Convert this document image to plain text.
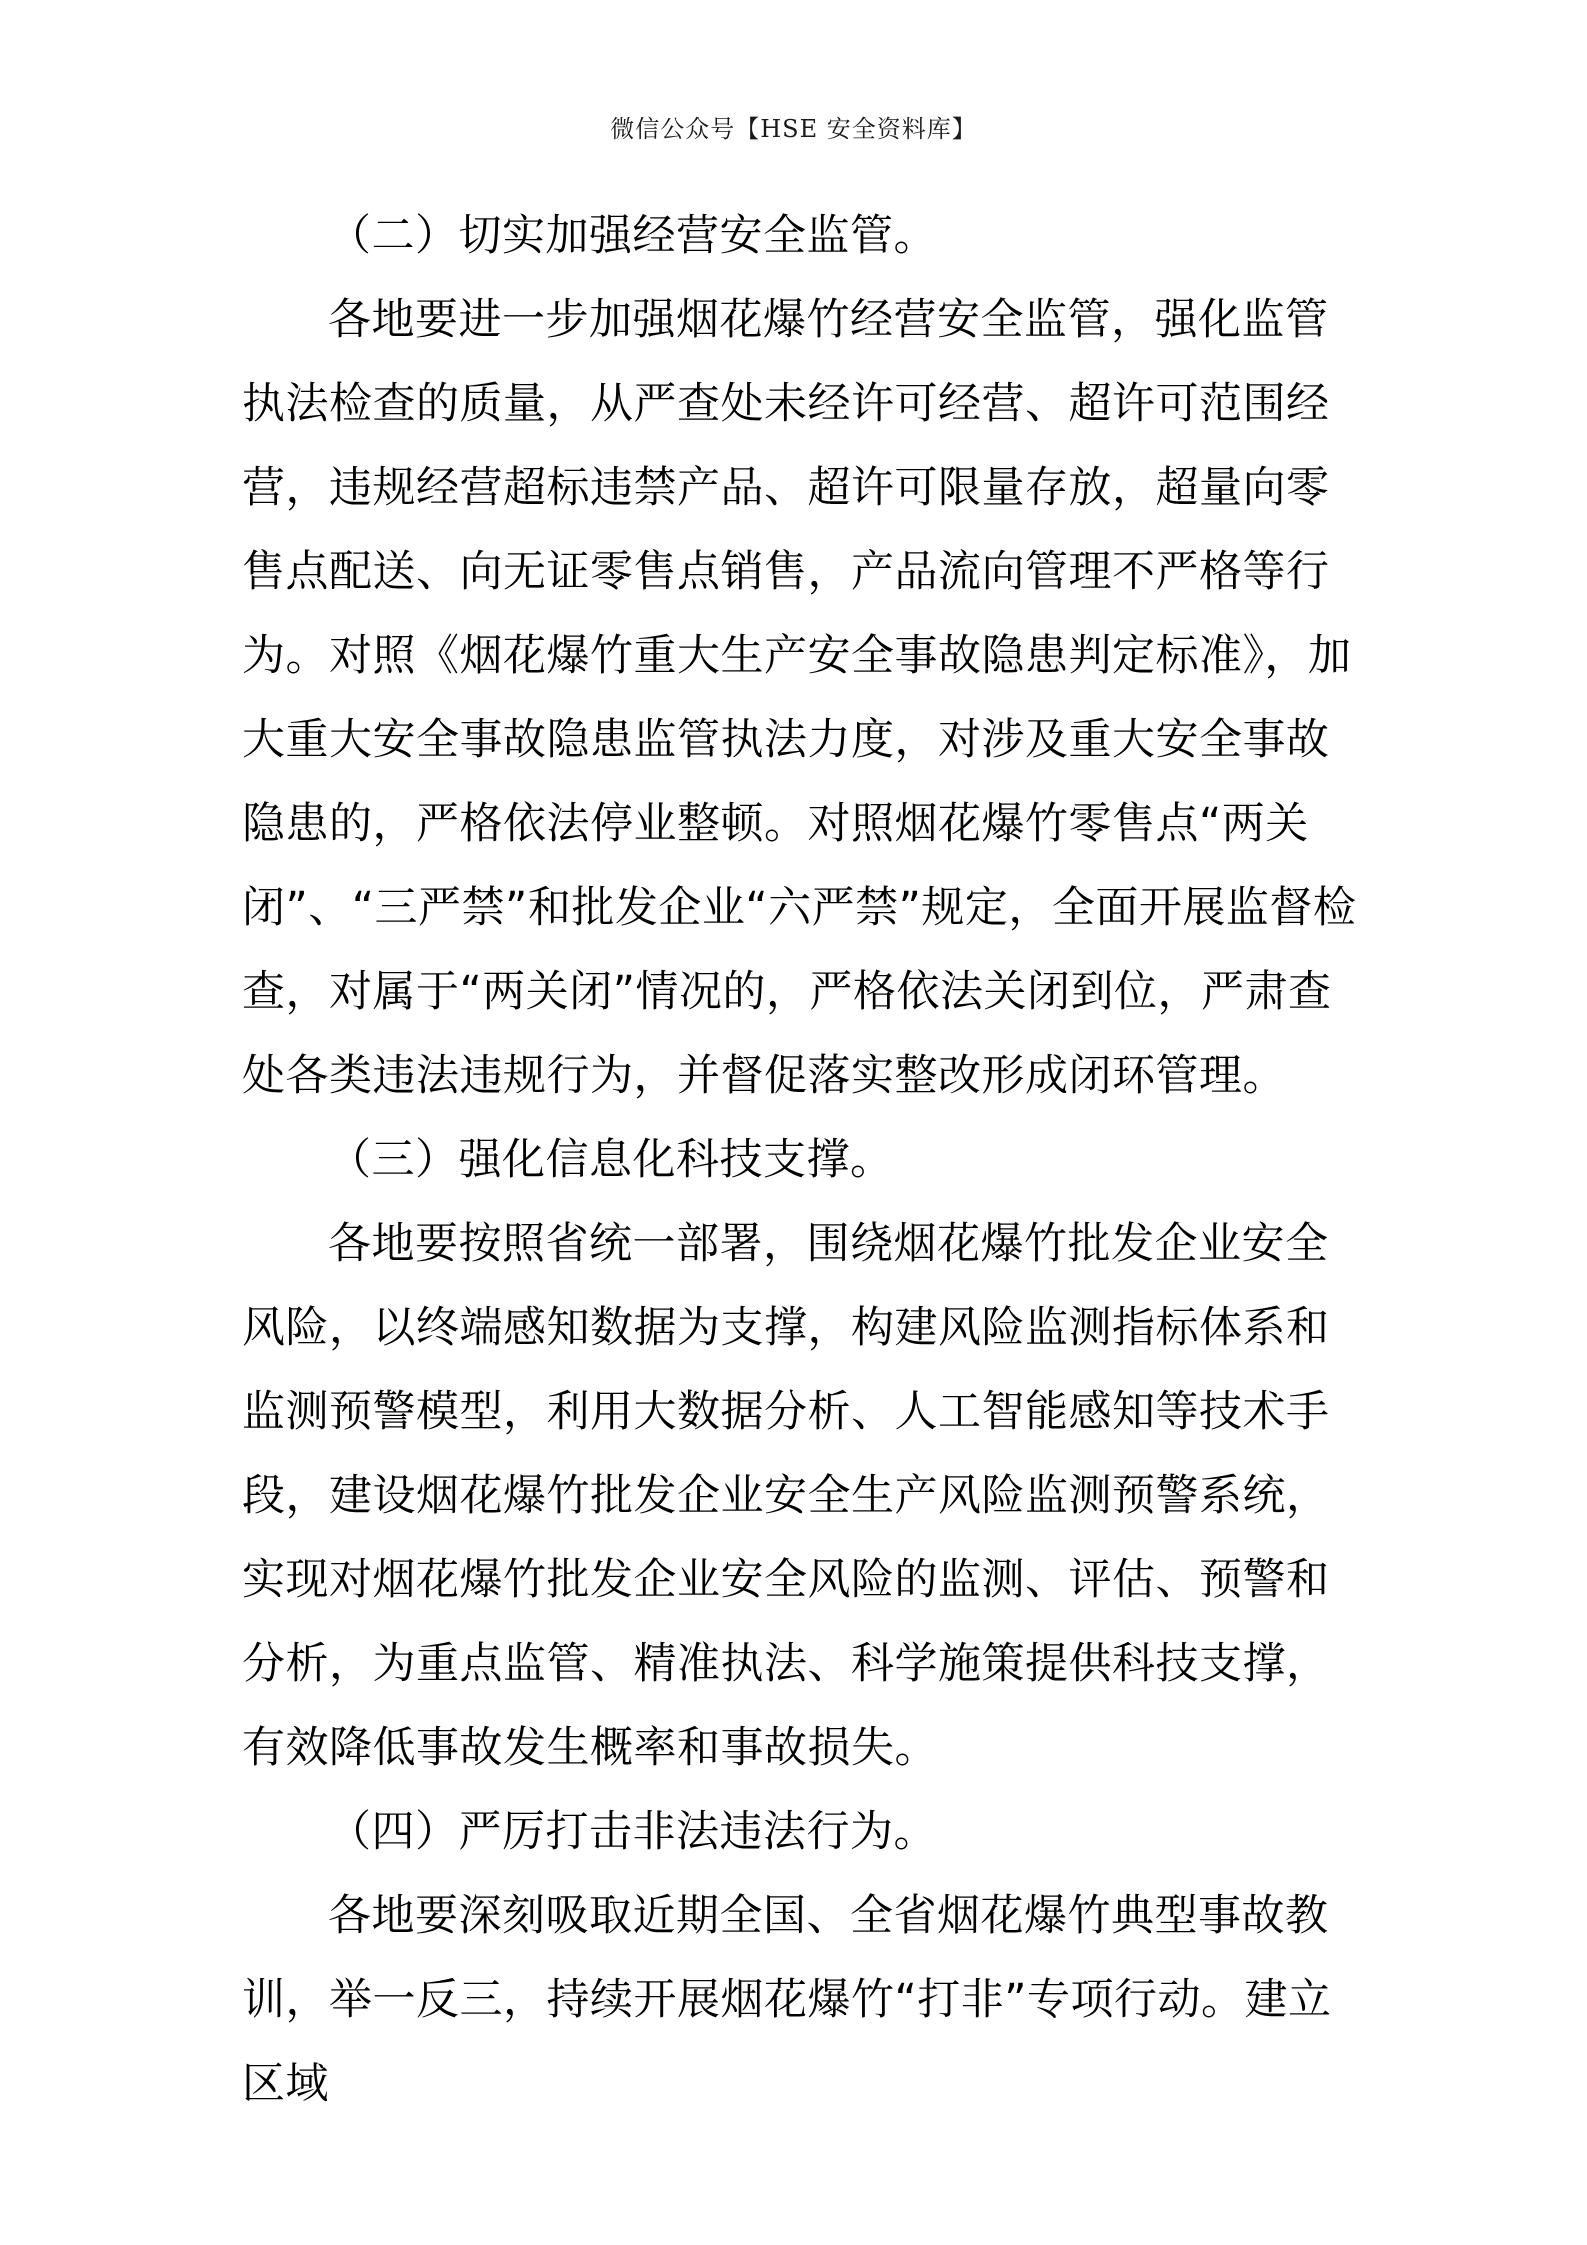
微信公众号【HSE 安全资料库】

（二）切实加强经营安全监管。

各地要进一步加强烟花爆竹经营安全监管，强化监管执法检查的质量，从严查处未经许可经营、超许可范围经营，违规经营超标违禁产品、超许可限量存放，超量向零售点配送、向无证零售点销售，产品流向管理不严格等行为。对照《烟花爆竹重大生产安全事故隐患判定标准》，加大重大安全事故隐患监管执法力度，对涉及重大安全事故隐患的，严格依法停业整顿。对照烟花爆竹零售点“两关闭”、“三严禁”和批发企业“六严禁”规定，全面开展监督检查，对属于“两关闭”情况的，严格依法关闭到位，严肃查处各类违法违规行为，并督促落实整改形成闭环管理。

（三）强化信息化科技支撑。

各地要按照省统一部署，围绕烟花爆竹批发企业安全风险，以终端感知数据为支撑，构建风险监测指标体系和监测预警模型，利用大数据分析、人工智能感知等技术手段，建设烟花爆竹批发企业安全生产风险监测预警系统，实现对烟花爆竹批发企业安全风险的监测、评估、预警和分析，为重点监管、精准执法、科学施策提供科技支撑，有效降低事故发生概率和事故损失。

（四）严厉打击非法违法行为。

各地要深刻吸取近期全国、全省烟花爆竹典型事故教训，举一反三，持续开展烟花爆竹“打非”专项行动。建立区域
